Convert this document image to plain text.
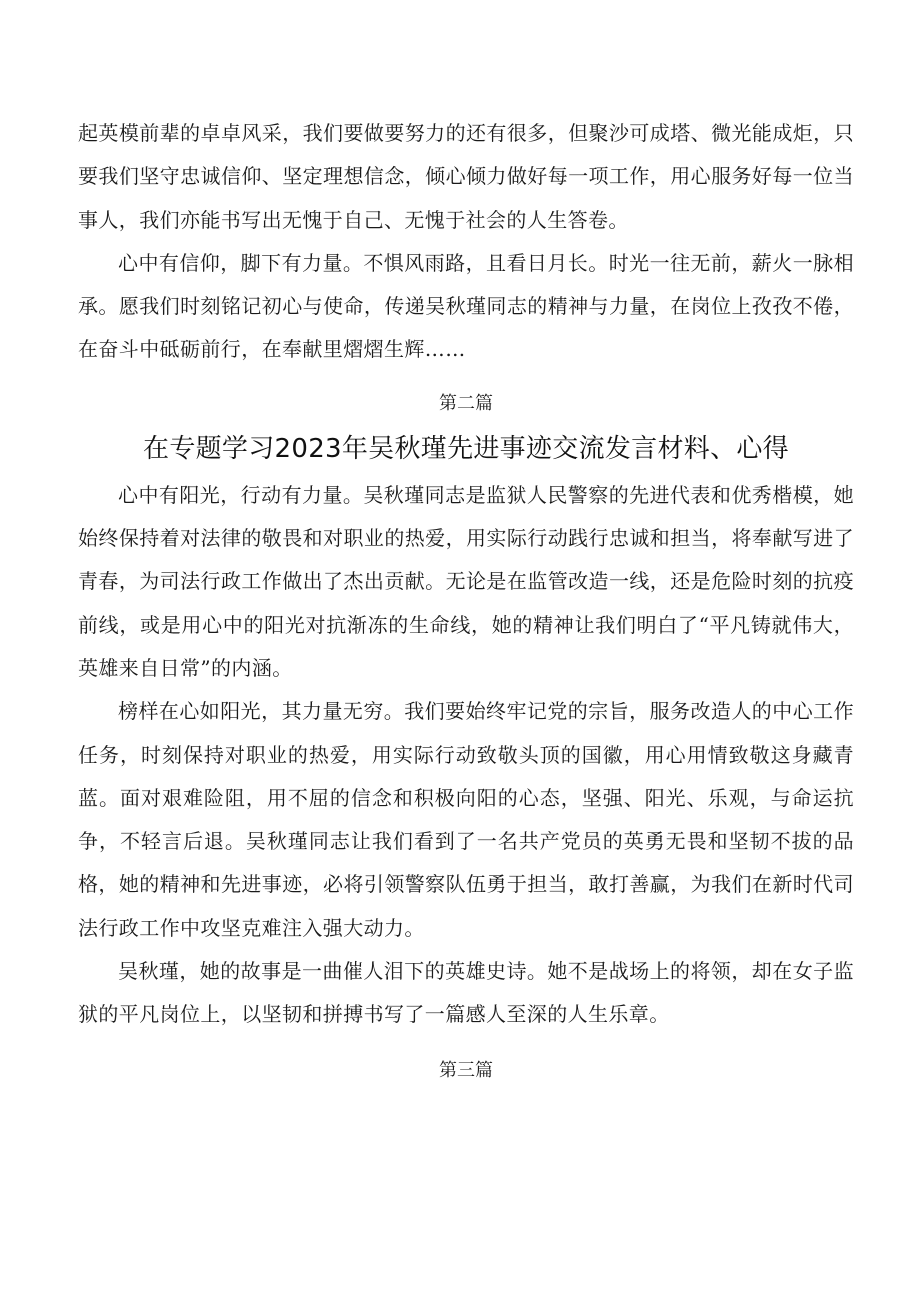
起英模前辈的卓卓风采，我们要做要努力的还有很多，但聚沙可成塔、微光能成炬，只要我们坚守忠诚信仰、坚定理想信念，倾心倾力做好每一项工作，用心服务好每一位当事人，我们亦能书写出无愧于自己、无愧于社会的人生答卷。

心中有信仰，脚下有力量。不惧风雨路，且看日月长。时光一往无前，薪火一脉相承。愿我们时刻铭记初心与使命，传递吴秋瑾同志的精神与力量，在岗位上孜孜不倦，在奋斗中砥砺前行，在奉献里熠熠生辉……

第二篇
在专题学习2023年吴秋瑾先进事迹交流发言材料、心得

心中有阳光，行动有力量。吴秋瑾同志是监狱人民警察的先进代表和优秀楷模，她始终保持着对法律的敬畏和对职业的热爱，用实际行动践行忠诚和担当，将奉献写进了青春，为司法行政工作做出了杰出贡献。无论是在监管改造一线，还是危险时刻的抗疫前线，或是用心中的阳光对抗渐冻的生命线，她的精神让我们明白了“平凡铸就伟大，英雄来自日常”的内涵。

榜样在心如阳光，其力量无穷。我们要始终牢记党的宗旨，服务改造人的中心工作任务，时刻保持对职业的热爱，用实际行动致敬头顶的国徽，用心用情致敬这身藏青蓝。面对艰难险阻，用不屈的信念和积极向阳的心态，坚强、阳光、乐观，与命运抗争，不轻言后退。吴秋瑾同志让我们看到了一名共产党员的英勇无畏和坚韧不拔的品格，她的精神和先进事迹，必将引领警察队伍勇于担当，敢打善赢，为我们在新时代司法行政工作中攻坚克难注入强大动力。

吴秋瑾，她的故事是一曲催人泪下的英雄史诗。她不是战场上的将领，却在女子监狱的平凡岗位上，以坚韧和拼搏书写了一篇感人至深的人生乐章。

第三篇
